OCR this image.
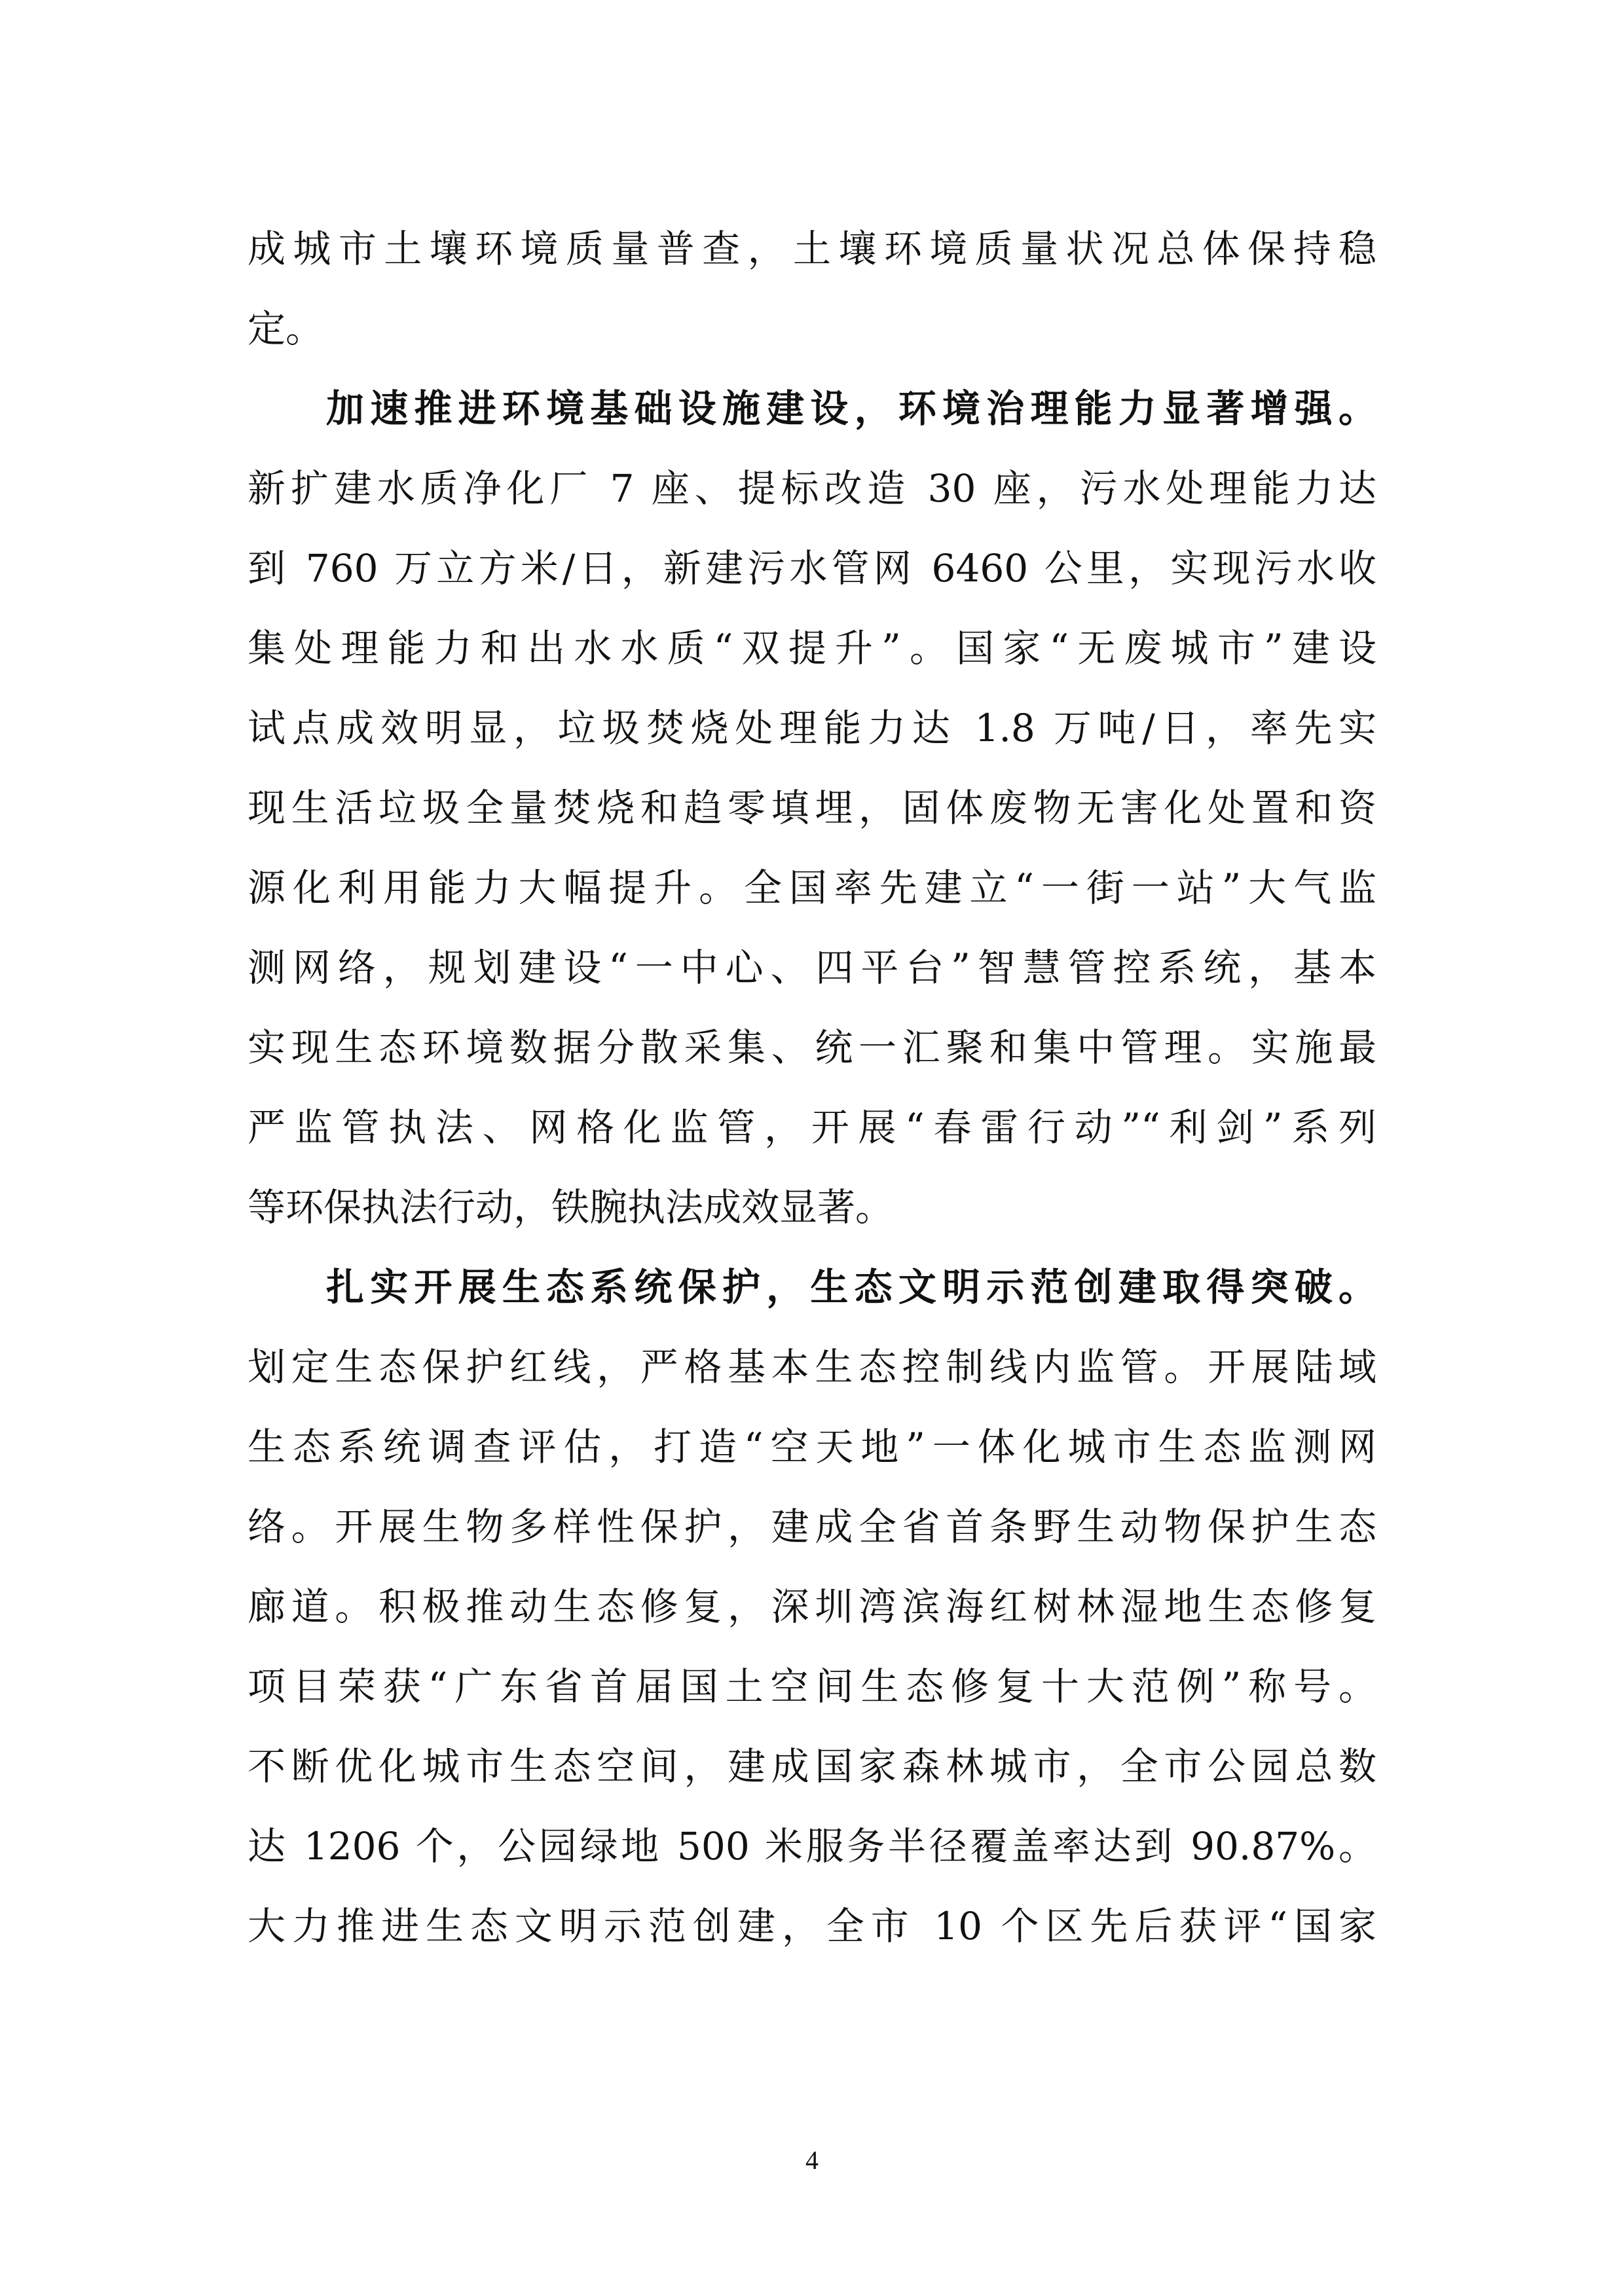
成城市土壤环境质量普查，土壤环境质量状况总体保持稳
定。
加速推进环境基础设施建设，环境治理能力显著增强。
新扩建水质净化厂 7 座、提标改造 30 座，污水处理能力达
到 760 万立方米/日，新建污水管网 6460 公里，实现污水收
集处理能力和出水水质“双提升”。国家“无废城市”建设
试点成效明显，垃圾焚烧处理能力达 1.8 万吨/日，率先实
现生活垃圾全量焚烧和趋零填埋，固体废物无害化处置和资
源化利用能力大幅提升。全国率先建立“一街一站”大气监
测网络，规划建设“一中心、四平台”智慧管控系统，基本
实现生态环境数据分散采集、统一汇聚和集中管理。实施最
严监管执法、网格化监管，开展“春雷行动”“利剑”系列
等环保执法行动，铁腕执法成效显著。
扎实开展生态系统保护，生态文明示范创建取得突破。
划定生态保护红线，严格基本生态控制线内监管。开展陆域
生态系统调查评估，打造“空天地”一体化城市生态监测网
络。开展生物多样性保护，建成全省首条野生动物保护生态
廊道。积极推动生态修复，深圳湾滨海红树林湿地生态修复
项目荣获“广东省首届国土空间生态修复十大范例”称号。
不断优化城市生态空间，建成国家森林城市，全市公园总数
达 1206 个，公园绿地 500 米服务半径覆盖率达到 90.87%。
大力推进生态文明示范创建，全市 10 个区先后获评“国家
4
